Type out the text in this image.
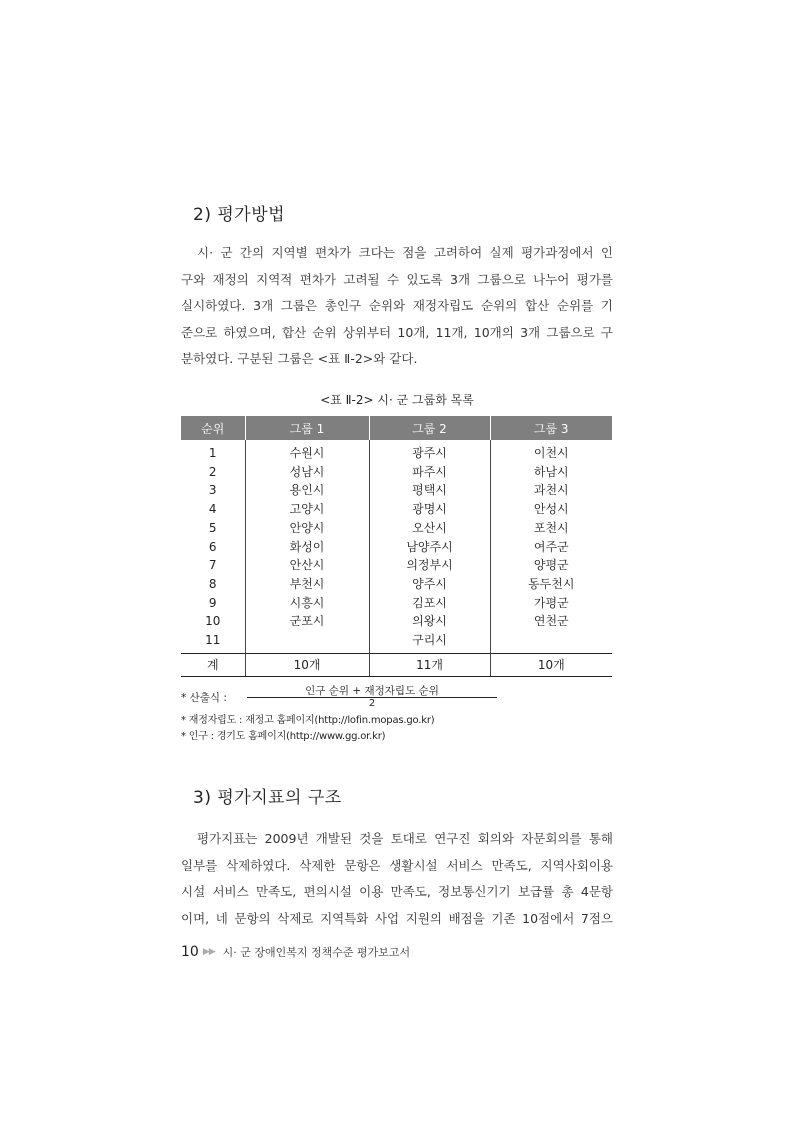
2) 평가방법
시· 군 간의 지역별 편차가 크다는 점을 고려하여 실제 평가과정에서 인
구와 재정의 지역적 편차가 고려될 수 있도록 3개 그룹으로 나누어 평가를
실시하였다. 3개 그룹은 총인구 순위와 재정자립도 순위의 합산 순위를 기
준으로 하였으며, 합산 순위 상위부터 10개, 11개, 10개의 3개 그룹으로 구
분하였다. 구분된 그룹은 <표 Ⅱ-2>와 같다.
<표 Ⅱ-2> 시· 군 그룹화 목록
순위	그룹 1	그룹 2	그룹 3
1	수원시	광주시	이천시
2	성남시	파주시	하남시
3	용인시	평택시	과천시
4	고양시	광명시	안성시
5	안양시	오산시	포천시
6	화성이	남양주시	여주군
7	안산시	의정부시	양평군
8	부천시	양주시	동두천시
9	시흥시	김포시	가평군
10	군포시	의왕시	연천군
11		구리시	
계	10개	11개	10개
* 산출식 :
인구 순위 + 재정자립도 순위
2
* 재정자립도 : 재정고 홈페이지(http://lofin.mopas.go.kr)
* 인구 : 경기도 홈페이지(http://www.gg.or.kr)
3) 평가지표의 구조
평가지표는 2009년 개발된 것을 토대로 연구진 회의와 자문회의를 통해
일부를 삭제하였다. 삭제한 문항은 생활시설 서비스 만족도, 지역사회이용
시설 서비스 만족도, 편의시설 이용 만족도, 정보통신기기 보급률 총 4문항
이며, 네 문항의 삭제로 지역특화 사업 지원의 배점을 기존 10점에서 7점으
10 ▶▶ 시· 군 장애인복지 정책수준 평가보고서
